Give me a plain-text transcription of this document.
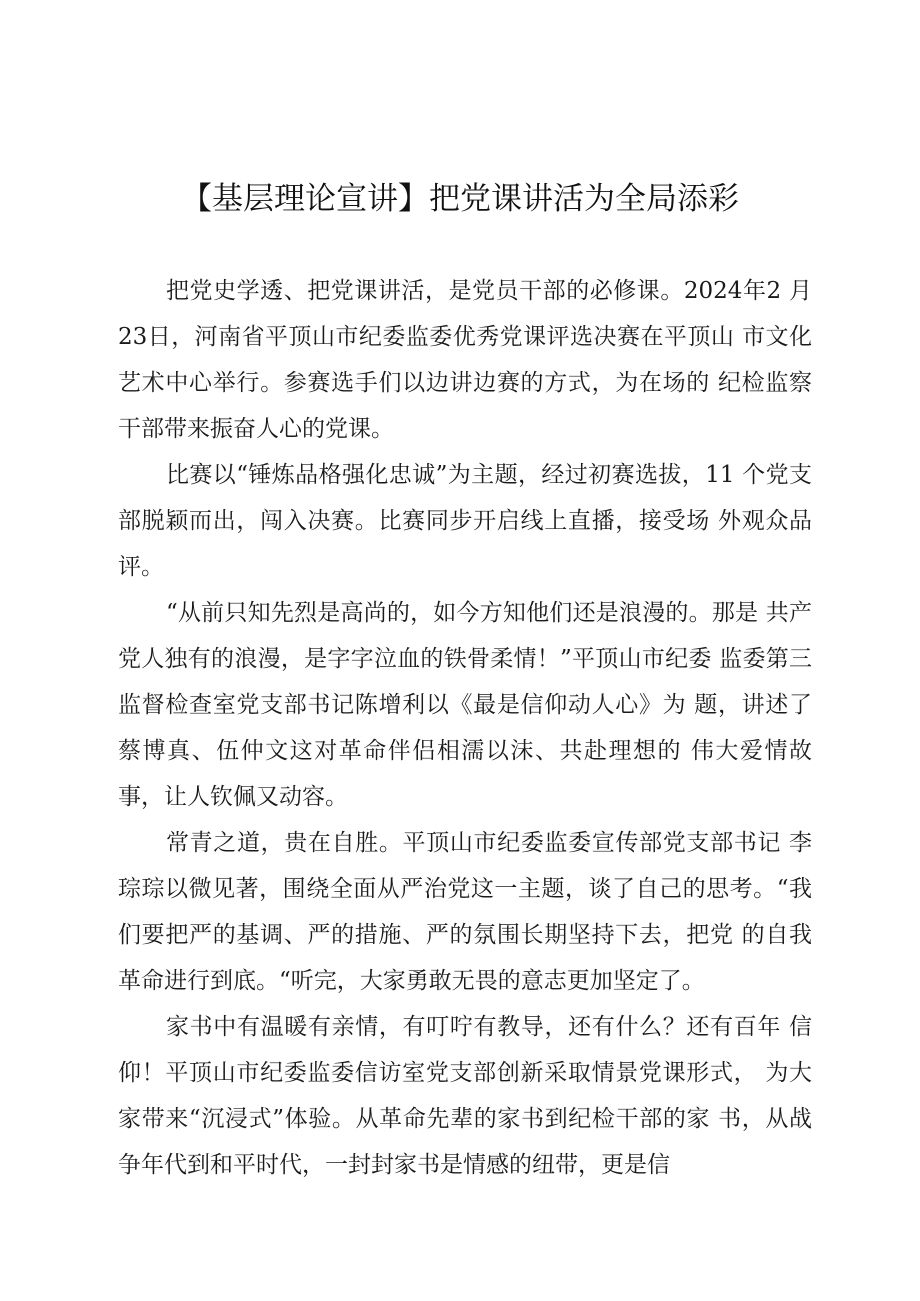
【基层理论宣讲】把党课讲活为全局添彩

把党史学透、把党课讲活，是党员干部的必修课。2024年2 月23日，河南省平顶山市纪委监委优秀党课评选决赛在平顶山 市文化艺术中心举行。参赛选手们以边讲边赛的方式，为在场的 纪检监察干部带来振奋人心的党课。

比赛以“锤炼品格强化忠诚”为主题，经过初赛选拔，11 个党支部脱颖而出，闯入决赛。比赛同步开启线上直播，接受场 外观众品评。

“从前只知先烈是高尚的，如今方知他们还是浪漫的。那是 共产党人独有的浪漫，是字字泣血的铁骨柔情！”平顶山市纪委 监委第三监督检查室党支部书记陈增利以《最是信仰动人心》为 题，讲述了蔡博真、伍仲文这对革命伴侣相濡以沫、共赴理想的 伟大爱情故事，让人钦佩又动容。

常青之道，贵在自胜。平顶山市纪委监委宣传部党支部书记 李琮琮以微见著，围绕全面从严治党这一主题，谈了自己的思考。“我们要把严的基调、严的措施、严的氛围长期坚持下去，把党 的自我革命进行到底。“听完，大家勇敢无畏的意志更加坚定了。

家书中有温暖有亲情，有叮咛有教导，还有什么？还有百年 信仰！平顶山市纪委监委信访室党支部创新采取情景党课形式， 为大家带来“沉浸式”体验。从革命先辈的家书到纪检干部的家 书，从战争年代到和平时代，一封封家书是情感的纽带，更是信
